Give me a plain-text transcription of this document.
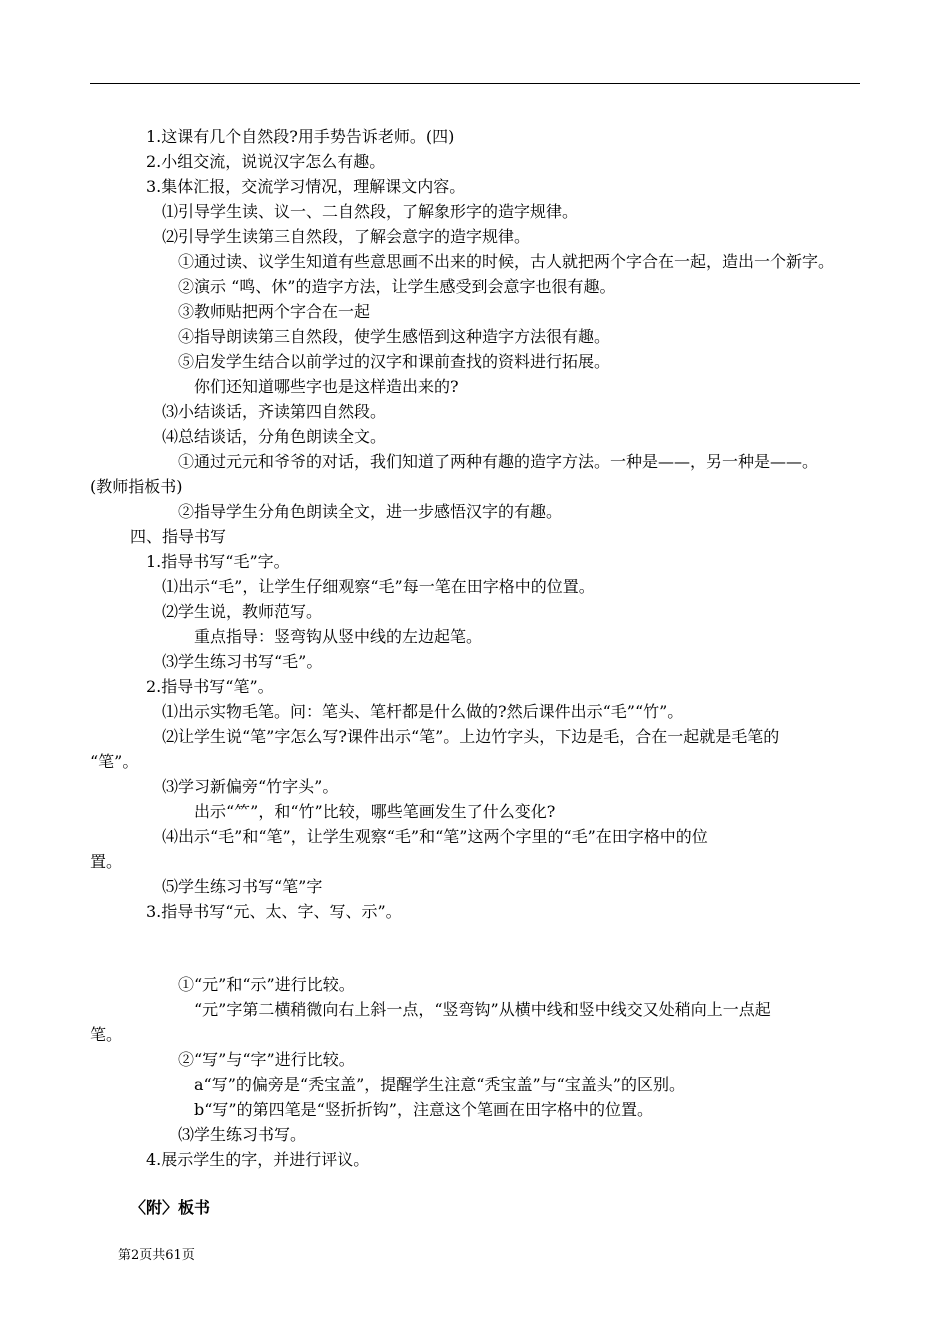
1.这课有几个自然段?用手势告诉老师。(四)
2.小组交流，说说汉字怎么有趣。
3.集体汇报，交流学习情况，理解课文内容。
⑴引导学生读、议一、二自然段，了解象形字的造字规律。
⑵引导学生读第三自然段，了解会意字的造字规律。
①通过读、议学生知道有些意思画不出来的时候，古人就把两个字合在一起，造出一个新字。
②演示 “鸣、休”的造字方法，让学生感受到会意字也很有趣。
③教师贴把两个字合在一起
④指导朗读第三自然段，使学生感悟到这种造字方法很有趣。
⑤启发学生结合以前学过的汉字和课前查找的资料进行拓展。
你们还知道哪些字也是这样造出来的?
⑶小结谈话，齐读第四自然段。
⑷总结谈话，分角色朗读全文。
①通过元元和爷爷的对话，我们知道了两种有趣的造字方法。一种是——，另一种是——。
(教师指板书)
②指导学生分角色朗读全文，进一步感悟汉字的有趣。
四、指导书写
1.指导书写“毛”字。
⑴出示“毛”，让学生仔细观察“毛”每一笔在田字格中的位置。
⑵学生说，教师范写。
重点指导：竖弯钩从竖中线的左边起笔。
⑶学生练习书写“毛”。
2.指导书写“笔”。
⑴出示实物毛笔。问：笔头、笔杆都是什么做的?然后课件出示“毛”“竹”。
⑵让学生说“笔”字怎么写?课件出示“笔”。上边竹字头，下边是毛，合在一起就是毛笔的
“笔”。
⑶学习新偏旁“竹字头”。
出示“⺮”，和“竹”比较，哪些笔画发生了什么变化?
⑷出示“毛”和“笔”，让学生观察“毛”和“笔”这两个字里的“毛”在田字格中的位
置。
⑸学生练习书写“笔”字
3.指导书写“元、太、字、写、示”。
①“元”和“示”进行比较。
“元”字第二横稍微向右上斜一点，“竖弯钩”从横中线和竖中线交又处稍向上一点起
笔。
②“写”与“字”进行比较。
a“写”的偏旁是“秃宝盖”，提醒学生注意“秃宝盖”与“宝盖头”的区别。
b“写”的第四笔是“竖折折钩”，注意这个笔画在田字格中的位置。
⑶学生练习书写。
4.展示学生的字，并进行评议。
〈附〉板书
第2页共61页
